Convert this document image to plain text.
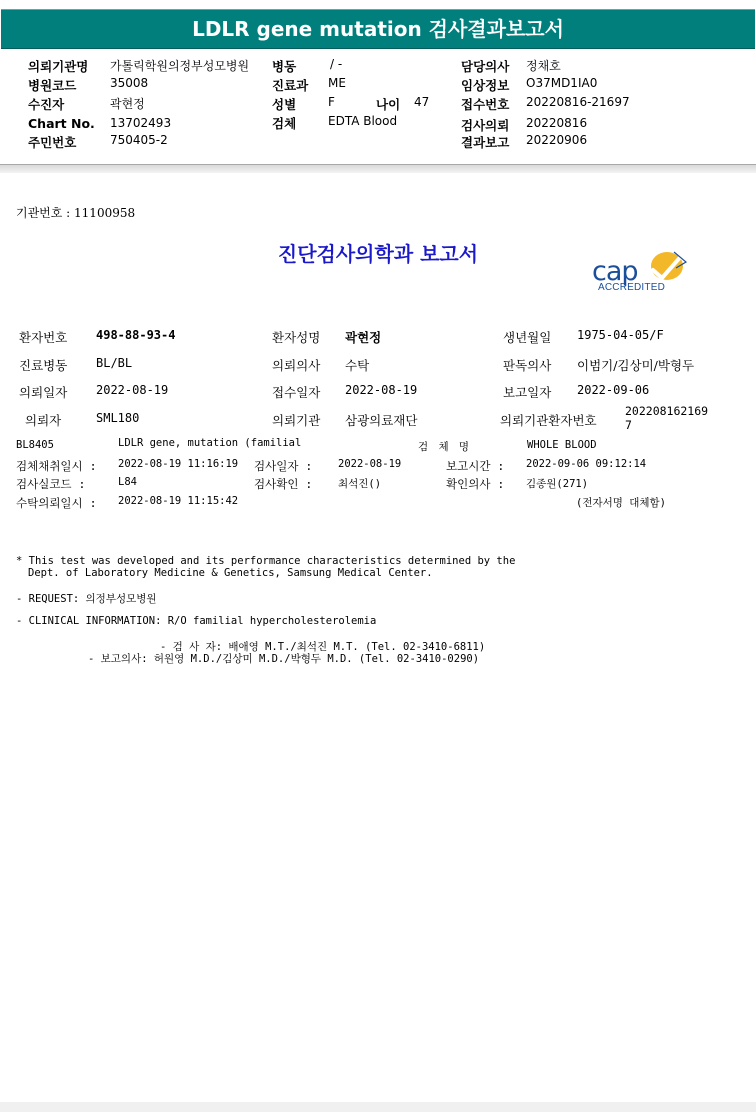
LDLR gene mutation 검사결과보고서
의뢰기관명 가톨릭학원의정부성모병원
병원코드	35008
수진자	곽현정
Chart No. 13702493
주민번호	750405-2
병동	/ -
진료과 ME
성별	F	나이 47
검체	EDTA Blood
담당의사 정채호
임상정보 O37MD1IA0
접수번호 20220816-21697
검사의뢰 20220816
결과보고 20220906
기관번호 : 11100958
진단검사의학과 보고서
cap
ACCREDITED
환자번호 498-88-93-4	환자성명 곽현정	생년월일 1975-04-05/F
진료병동 BL/BL	의뢰의사 수탁	판독의사 이범기/김상미/박형두
의뢰일자 2022-08-19	접수일자 2022-08-19	보고일자 2022-09-06
의뢰자	SML180	의뢰기관 삼광의료재단	의뢰기관환자번호
202208162169
7
BL8405	LDLR gene, mutation (familial	검 체 명	WHOLE BLOOD
검체채취일시 : 2022-08-19 11:16:19 검사일자 : 2022-08-19	보고시간 : 2022-09-06 09:12:14
검사실코드 :	L84	검사확인 : 최석진()	확인의사 : 김종원(271)
수탁의뢰일시 : 2022-08-19 11:15:42	(전자서명 대체함)
* This test was developed and its performance characteristics determined by the
Dept. of Laboratory Medicine & Genetics, Samsung Medical Center.
- REQUEST: 의정부성모병원
- CLINICAL INFORMATION: R/O familial hypercholesterolemia
- 검 사 자: 배애영 M.T./최석진 M.T. (Tel. 02-3410-6811)
- 보고의사: 허원영 M.D./김상미 M.D./박형두 M.D. (Tel. 02-3410-0290)
